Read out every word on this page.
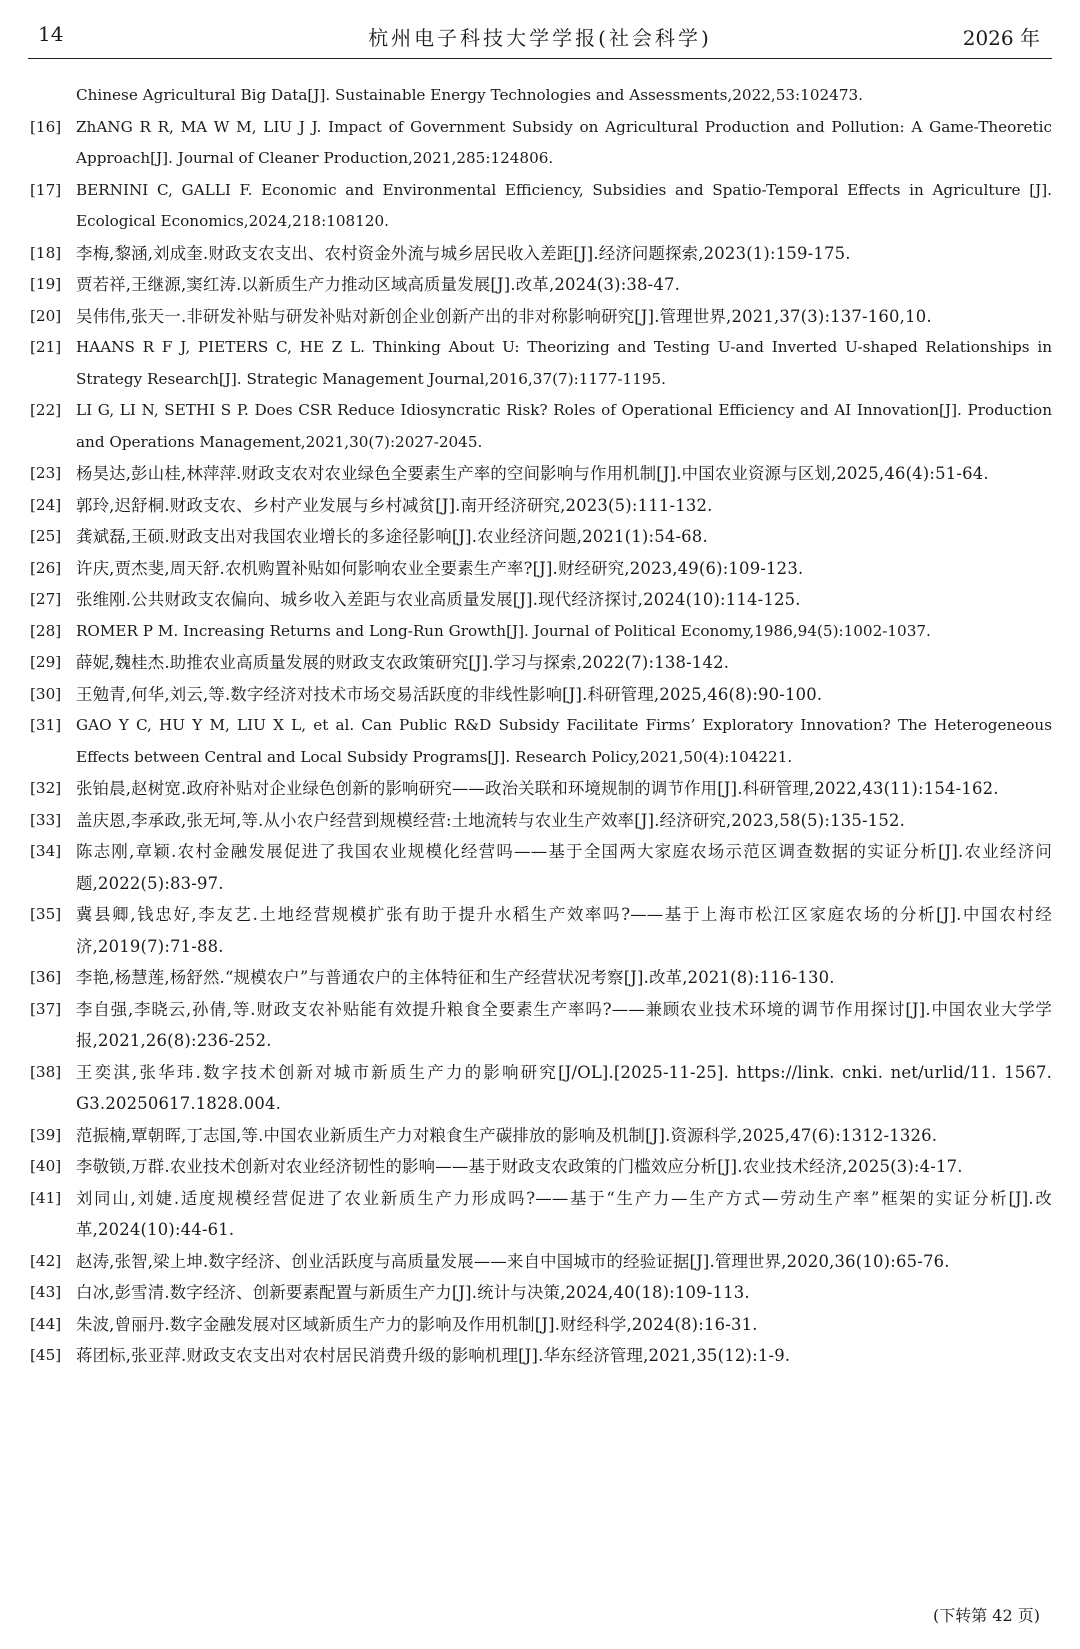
14	杭州电子科技大学学报(社会科学)	2026 年
Chinese Agricultural Big Data[J]. Sustainable Energy Technologies and Assessments,2022,53:102473.
[16] ZhANG R R, MA W M, LIU J J. Impact of Government Subsidy on Agricultural Production and Pollution: A Game-Theoretic Approach[J]. Journal of Cleaner Production,2021,285:124806.
[17] BERNINI C, GALLI F. Economic and Environmental Efficiency, Subsidies and Spatio-Temporal Effects in Agriculture [J]. Ecological Economics,2024,218:108120.
[18] 李梅,黎涵,刘成奎.财政支农支出、农村资金外流与城乡居民收入差距[J].经济问题探索,2023(1):159-175.
[19] 贾若祥,王继源,窦红涛.以新质生产力推动区域高质量发展[J].改革,2024(3):38-47.
[20] 吴伟伟,张天一.非研发补贴与研发补贴对新创企业创新产出的非对称影响研究[J].管理世界,2021,37(3):137-160,10.
[21] HAANS R F J, PIETERS C, HE Z L. Thinking About U: Theorizing and Testing U-and Inverted U-shaped Relationships in Strategy Research[J]. Strategic Management Journal,2016,37(7):1177-1195.
[22] LI G, LI N, SETHI S P. Does CSR Reduce Idiosyncratic Risk? Roles of Operational Efficiency and AI Innovation[J]. Production and Operations Management,2021,30(7):2027-2045.
[23] 杨昊达,彭山桂,林萍萍.财政支农对农业绿色全要素生产率的空间影响与作用机制[J].中国农业资源与区划,2025,46(4):51-64.
[24] 郭玲,迟舒桐.财政支农、乡村产业发展与乡村减贫[J].南开经济研究,2023(5):111-132.
[25] 龚斌磊,王硕.财政支出对我国农业增长的多途径影响[J].农业经济问题,2021(1):54-68.
[26] 许庆,贾杰斐,周天舒.农机购置补贴如何影响农业全要素生产率?[J].财经研究,2023,49(6):109-123.
[27] 张维刚.公共财政支农偏向、城乡收入差距与农业高质量发展[J].现代经济探讨,2024(10):114-125.
[28] ROMER P M. Increasing Returns and Long-Run Growth[J]. Journal of Political Economy,1986,94(5):1002-1037.
[29] 薛妮,魏桂杰.助推农业高质量发展的财政支农政策研究[J].学习与探索,2022(7):138-142.
[30] 王勉青,何华,刘云,等.数字经济对技术市场交易活跃度的非线性影响[J].科研管理,2025,46(8):90-100.
[31] GAO Y C, HU Y M, LIU X L, et al. Can Public R&D Subsidy Facilitate Firms’ Exploratory Innovation? The Heterogeneous Effects between Central and Local Subsidy Programs[J]. Research Policy,2021,50(4):104221.
[32] 张铂晨,赵树宽.政府补贴对企业绿色创新的影响研究——政治关联和环境规制的调节作用[J].科研管理,2022,43(11):154-162.
[33] 盖庆恩,李承政,张无坷,等.从小农户经营到规模经营:土地流转与农业生产效率[J].经济研究,2023,58(5):135-152.
[34] 陈志刚,章颖.农村金融发展促进了我国农业规模化经营吗——基于全国两大家庭农场示范区调查数据的实证分析[J].农业经济问题,2022(5):83-97.
[35] 冀县卿,钱忠好,李友艺.土地经营规模扩张有助于提升水稻生产效率吗?——基于上海市松江区家庭农场的分析[J].中国农村经济,2019(7):71-88.
[36] 李艳,杨慧莲,杨舒然.“规模农户”与普通农户的主体特征和生产经营状况考察[J].改革,2021(8):116-130.
[37] 李自强,李晓云,孙倩,等.财政支农补贴能有效提升粮食全要素生产率吗?——兼顾农业技术环境的调节作用探讨[J].中国农业大学学报,2021,26(8):236-252.
[38] 王奕淇,张华玮.数字技术创新对城市新质生产力的影响研究[J/OL].[2025-11-25]. https://link. cnki. net/urlid/11. 1567. G3.20250617.1828.004.
[39] 范振楠,覃朝晖,丁志国,等.中国农业新质生产力对粮食生产碳排放的影响及机制[J].资源科学,2025,47(6):1312-1326.
[40] 李敬锁,万群.农业技术创新对农业经济韧性的影响——基于财政支农政策的门槛效应分析[J].农业技术经济,2025(3):4-17.
[41] 刘同山,刘婕.适度规模经营促进了农业新质生产力形成吗?——基于“生产力—生产方式—劳动生产率”框架的实证分析[J].改革,2024(10):44-61.
[42] 赵涛,张智,梁上坤.数字经济、创业活跃度与高质量发展——来自中国城市的经验证据[J].管理世界,2020,36(10):65-76.
[43] 白冰,彭雪清.数字经济、创新要素配置与新质生产力[J].统计与决策,2024,40(18):109-113.
[44] 朱波,曾丽丹.数字金融发展对区域新质生产力的影响及作用机制[J].财经科学,2024(8):16-31.
[45] 蒋团标,张亚萍.财政支农支出对农村居民消费升级的影响机理[J].华东经济管理,2021,35(12):1-9.
(下转第 42 页)
